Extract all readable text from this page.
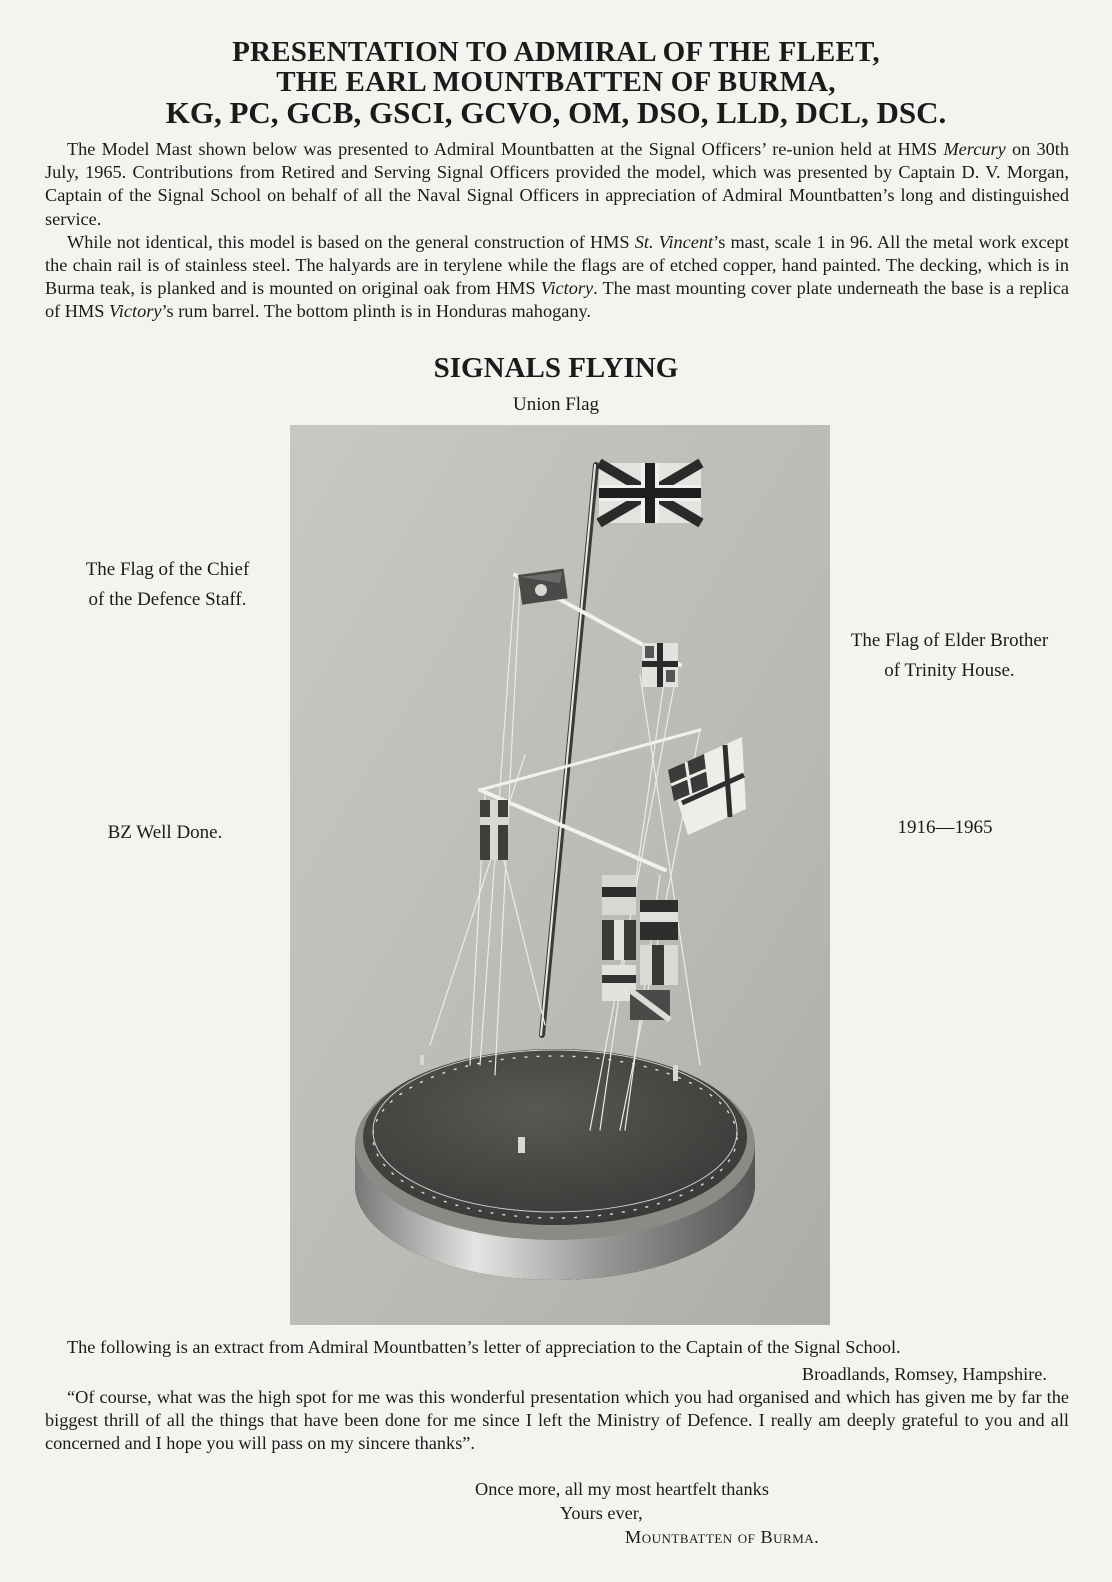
PRESENTATION TO ADMIRAL OF THE FLEET,
THE EARL MOUNTBATTEN OF BURMA,
KG, PC, GCB, GSCI, GCVO, OM, DSO, LLD, DCL, DSC.

The Model Mast shown below was presented to Admiral Mountbatten at the Signal Officers’ re-union held at HMS Mercury on 30th July, 1965. Contributions from Retired and Serving Signal Officers provided the model, which was presented by Captain D. V. Morgan, Captain of the Signal School on behalf of all the Naval Signal Officers in appreciation of Admiral Mountbatten’s long and distinguished service.

While not identical, this model is based on the general construction of HMS St. Vincent’s mast, scale 1 in 96. All the metal work except the chain rail is of stainless steel. The halyards are in terylene while the flags are of etched copper, hand painted. The decking, which is in Burma teak, is planked and is mounted on original oak from HMS Victory. The mast mounting cover plate underneath the base is a replica of HMS Victory’s rum barrel. The bottom plinth is in Honduras mahogany.

SIGNALS FLYING
Union Flag
The Flag of the Chief
of the Defence Staff.
The Flag of Elder Brother
of Trinity House.
BZ Well Done.	1916—1965

The following is an extract from Admiral Mountbatten’s letter of appreciation to the Captain of the Signal School.

Broadlands, Romsey, Hampshire.

“Of course, what was the high spot for me was this wonderful presentation which you had organised and which has given me by far the biggest thrill of all the things that have been done for me since I left the Ministry of Defence. I really am deeply grateful to you and all concerned and I hope you will pass on my sincere thanks”.

Once more, all my most heartfelt thanks
Yours ever,
Mountbatten of Burma.
